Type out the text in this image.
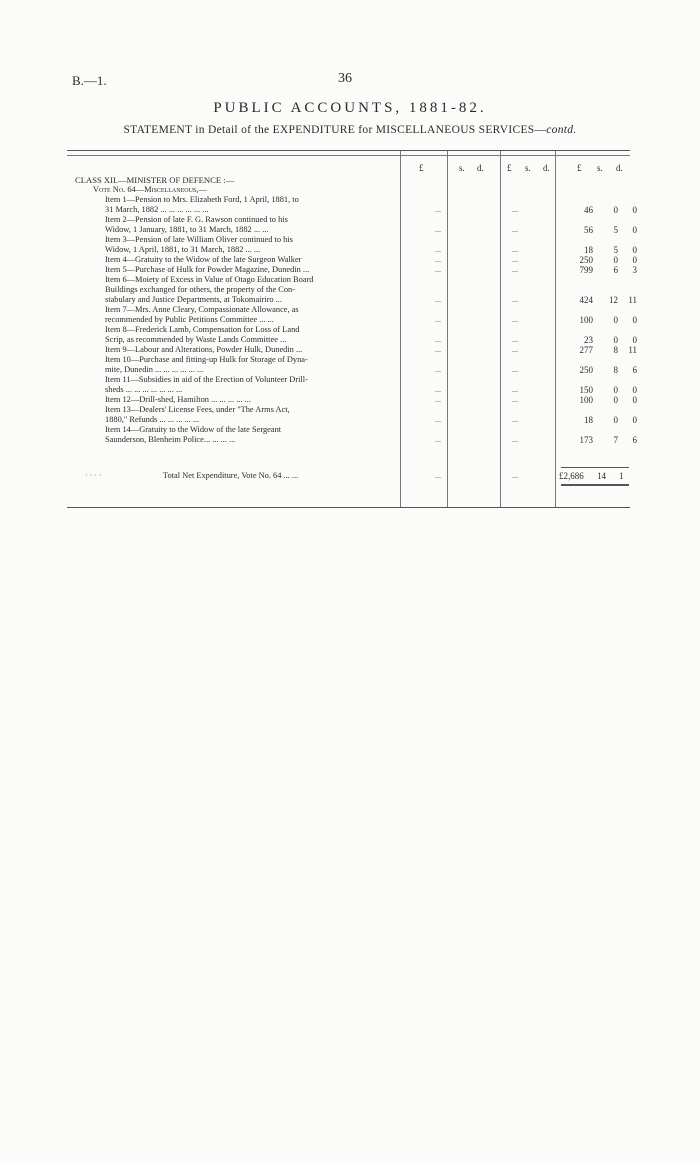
B.—1.	36
PUBLIC ACCOUNTS, 1881-82.
STATEMENT in Detail of the EXPENDITURE for MISCELLANEOUS SERVICES—contd.
£	s. d.	£ s. d.	£ s. d.
CLASS XII.—MINISTER OF DEFENCE :—
Vote No. 64—Miscellaneous,—
Item 1—Pension to Mrs. Elizabeth Ford, 1 April, 1881, to
31 March, 1882 ... ... ... ... ... ...	...	...	46	0	0
Item 2—Pension of late F. G. Rawson continued to his
Widow, 1 January, 1881, to 31 March, 1882 ... ...	...	...	56	5	0
Item 3—Pension of late William Oliver continued to his
Widow, 1 April, 1881, to 31 March, 1882 ... ...	...	...	18	5	0
Item 4—Gratuity to the Widow of the late Surgeon Walker	...	...	250	0	0
Item 5—Purchase of Hulk for Powder Magazine, Dunedin ...	...	...	799	6	3
Item 6—Moiety of Excess in Value of Otago Education Board
Buildings exchanged for others, the property of the Con-
stabulary and Justice Departments, at Tokomairiro ...	...	...	424	12	11
Item 7—Mrs. Anne Cleary, Compassionate Allowance, as
recommended by Public Petitions Committee ... ...	...	...	100	0	0
Item 8—Frederick Lamb, Compensation for Loss of Land
Scrip, as recommended by Waste Lands Committee ...	...	...	23	0	0
Item 9—Labour and Alterations, Powder Hulk, Dunedin ...	...	...	277	8	11
Item 10—Purchase and fitting-up Hulk for Storage of Dyna-
mite, Dunedin ... ... ... ... ... ...	...	...	250	8	6
Item 11—Subsidies in aid of the Erection of Volunteer Drill-
sheds ... ... ... ... ... ... ...	...	...	150	0	0
Item 12—Drill-shed, Hamilton ... ... ... ... ...	...	...	100	0	0
Item 13—Dealers' License Fees, under "The Arms Act,
1880," Refunds ... ... ... ... ...	...	...	18	0	0
Item 14—Gratuity to the Widow of the late Sergeant
Saunderson, Blenheim Police... ... ... ...	...	...	173	7	6
Total Net Expenditure, Vote No. 64 ... ...	...	...	£2,686 14 1
· · · ·
